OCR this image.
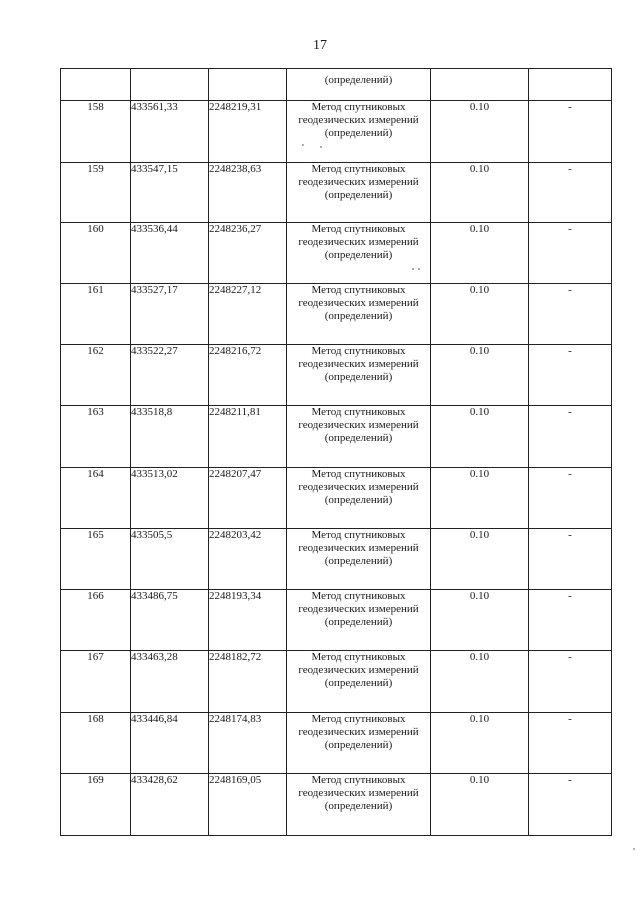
17
			(определений)		
158	433561,33	2248219,31	Метод спутниковых
геодезических измерений
(определений)	0.10	-
159	433547,15	2248238,63	Метод спутниковых
геодезических измерений
(определений)	0.10	-
160	433536,44	2248236,27	Метод спутниковых
геодезических измерений
(определений)	0.10	-
161	433527,17	2248227,12	Метод спутниковых
геодезических измерений
(определений)	0.10	-
162	433522,27	2248216,72	Метод спутниковых
геодезических измерений
(определений)	0.10	-
163	433518,8	2248211,81	Метод спутниковых
геодезических измерений
(определений)	0.10	-
164	433513,02	2248207,47	Метод спутниковых
геодезических измерений
(определений)	0.10	-
165	433505,5	2248203,42	Метод спутниковых
геодезических измерений
(определений)	0.10	-
166	433486,75	2248193,34	Метод спутниковых
геодезических измерений
(определений)	0.10	-
167	433463,28	2248182,72	Метод спутниковых
геодезических измерений
(определений)	0.10	-
168	433446,84	2248174,83	Метод спутниковых
геодезических измерений
(определений)	0.10	-
169	433428,62	2248169,05	Метод спутниковых
геодезических измерений
(определений)	0.10	-
